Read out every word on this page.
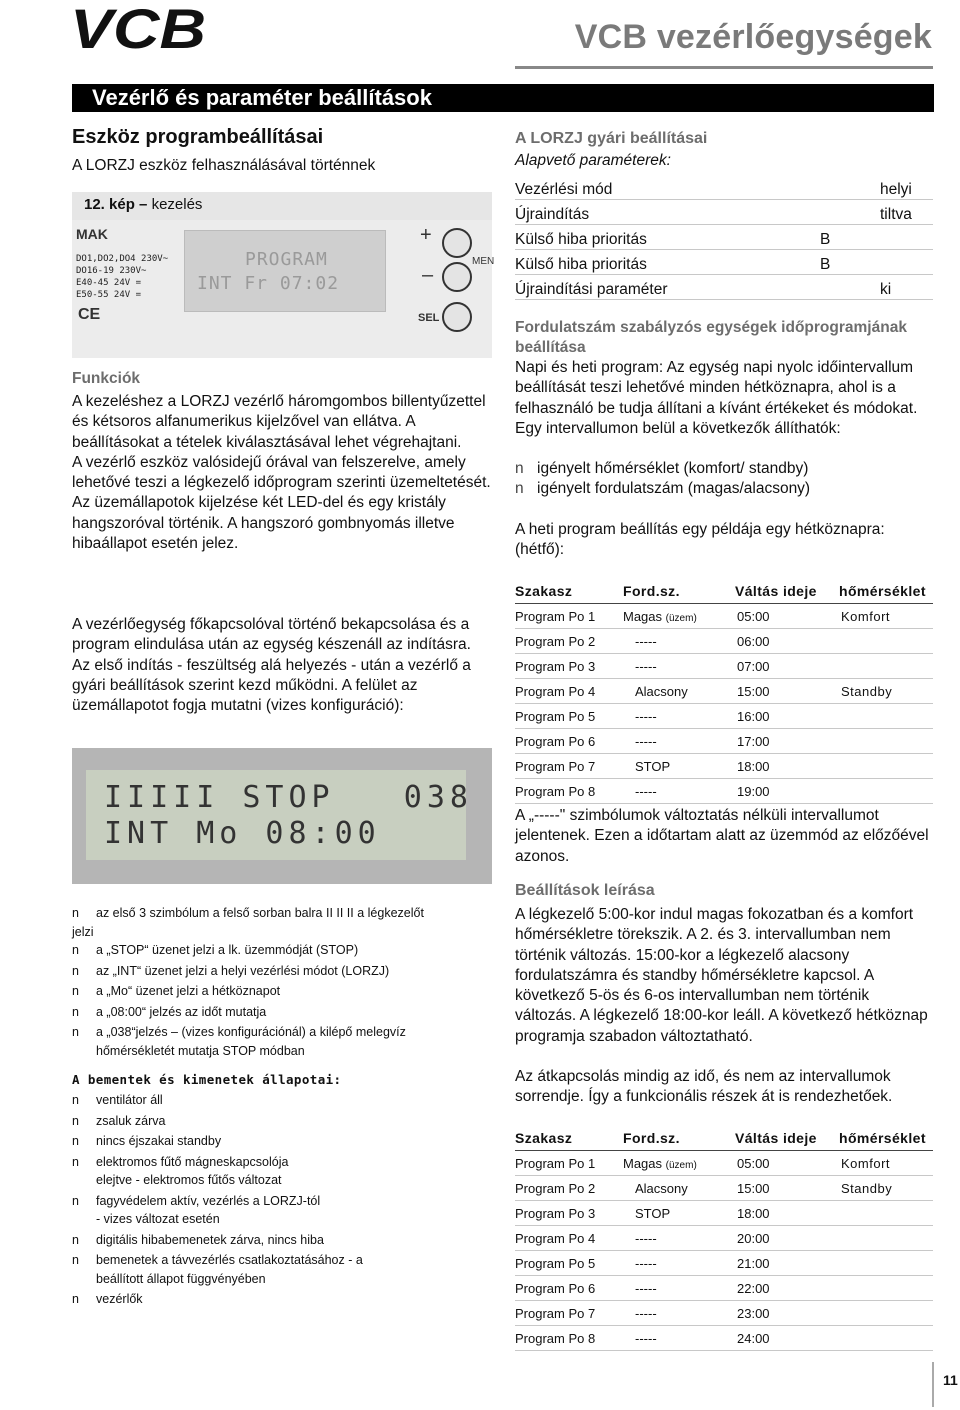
VCB	VCB vezérlőegységek
Vezérlő és paraméter beállítások
Eszköz programbeállításai
A LORZJ eszköz felhasználásával történnek
12. kép – kezelés
MAK
DO1,DO2,DO4 230V~
DO16-19 230V~
E40-45 24V =
E50-55 24V =
CE
PROGRAM
INT Fr 07:02
+
–
MEN
SEL
Funkciók
A kezeléshez a LORZJ vezérlő háromgombos billentyűzettel és kétsoros alfanumerikus kijelzővel van ellátva. A beállításokat a tételek kiválasztásával lehet végrehajtani.
A vezérlő eszköz valósidejű órával van felszerelve, amely lehetővé teszi a légkezelő időprogram szerinti üzemeltetését.
Az üzemállapotok kijelzése két LED-del és egy kristály hangszoróval történik. A hangszoró gombnyomás illetve hibaállapot esetén jelez.
A vezérlőegység főkapcsolóval történő bekapcsolása és a program elindulása után az egység készenáll az indításra. Az első indítás - feszültség alá helyezés - után a vezérlő a gyári beállítások szerint kezd működni. A felület az üzemállapotot fogja mutatni (vizes konfiguráció):
IIIII STOP   038
INT Mo 08:00
n az első 3 szimbólum a felső sorban balra II II II a légkezelőt
jelzi
n a „STOP“ üzenet jelzi a lk. üzemmódját (STOP)
n az „INT“ üzenet jelzi a helyi vezérlési módot (LORZJ)
n a „Mo“ üzenet jelzi a hétköznapot
n a „08:00“ jelzés az időt mutatja
n a „038“jelzés – (vizes konfigurációnál) a kilépő melegvíz
hőmérsékletét mutatja STOP módban
A bementek és kimenetek állapotai:
n ventilátor áll
n zsaluk zárva
n nincs éjszakai standby
n elektromos fűtő mágneskapcsolója
elejtve - elektromos fűtős változat
n fagyvédelem aktív, vezérlés a LORZJ-tól
- vizes változat esetén
n digitális hibabemenetek zárva, nincs hiba
n bemenetek a távvezérlés csatlakoztatásához - a
beállított állapot függvényében
n vezérlők
A LORZJ gyári beállításai
Alapvető paraméterek:
Vezérlési mód		helyi
Újraindítás		tiltva
Külső hiba prioritás	B	
Külső hiba prioritás	B	
Újraindítási paraméter		ki
Fordulatszám szabályzós egységek időprogramjának beállítása
Napi és heti program: Az egység napi nyolc időintervallum beállítását teszi lehetővé minden hétköznapra, ahol is a felhasználó be tudja állítani a kívánt értékeket és módokat. Egy intervallumon belül a következők állíthatók:
n igényelt hőmérséklet (komfort/ standby)
n igényelt fordulatszám (magas/alacsony)
A heti program beállítás egy példája egy hétköznapra: (hétfő):
Szakasz	Ford.sz.	Váltás ideje	hőmérséklet
Program Po 1	Magas (üzem)	05:00	Komfort
Program Po 2	-----	06:00	
Program Po 3	-----	07:00	
Program Po 4	Alacsony	15:00	Standby
Program Po 5	-----	16:00	
Program Po 6	-----	17:00	
Program Po 7	STOP	18:00	
Program Po 8	-----	19:00	
A „-----" szimbólumok változtatás nélküli intervallumot jelentenek. Ezen a időtartam alatt az üzemmód az előzőével azonos.
Beállítások leírása
A légkezelő 5:00-kor indul magas fokozatban és a komfort hőmérsékletre törekszik. A 2. és 3. intervallumban nem történik változás. 15:00-kor a légkezelő alacsony fordulatszámra és standby hőmérsékletre kapcsol. A következő 5-ös és 6-os intervallumban nem történik változás. A légkezelő 18:00-kor leáll. A következő hétköznap programja szabadon változtatható.
Az átkapcsolás mindig az idő, és nem az intervallumok sorrendje. Így a funkcionális részek át is rendezhetőek.
Szakasz	Ford.sz.	Váltás ideje	hőmérséklet
Program Po 1	Magas (üzem)	05:00	Komfort
Program Po 2	Alacsony	15:00	Standby
Program Po 3	STOP	18:00	
Program Po 4	-----	20:00	
Program Po 5	-----	21:00	
Program Po 6	-----	22:00	
Program Po 7	-----	23:00	
Program Po 8	-----	24:00	
11
